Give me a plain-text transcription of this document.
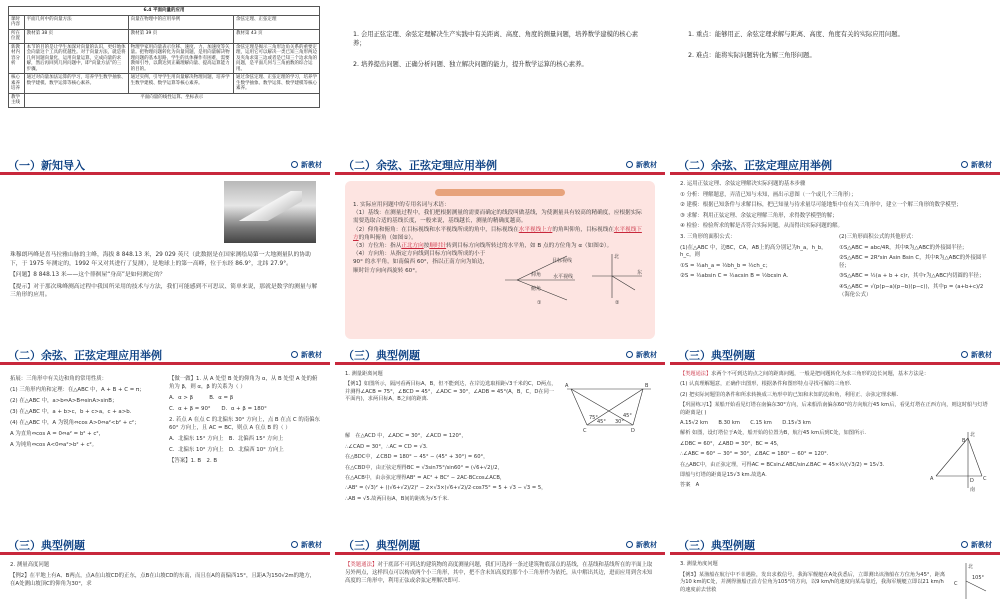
6.4 平面向量的应用			
课时内容	平面几何中的向量方法	向量在物理中的应用举例	余弦定理、正弦定理
所在位置	教材第 38 页	教材第 39 页	教材第 43 页
新教材内容分析	本节的目的是让学生加深对向量的认识，更好地体会向量这个工具的优越性。对于向量方法，就是将几何问题向量化，运用向量运算，完成向量的求解，然后再回到几何问题中，即“向量方法”的三步骤。	物理学家用向量表示位移、速度、力、加速度等矢量。把物理问题转化为向量问题，是用向量解决物理问题的基本思路，学生的具体操作有困难，需要教师引导，以期达到正确理解向量、提高运算能力的目的。	余弦定理是揭示三角形边角关系的重要定理，运用它可以解决一类已知三角形两边及夹角求第三边或者是已知三个边求角的问题，是平面几何与三角函数的综合运用。
核心素养培养	通过对向量加法运算的学习，培养学生数学抽象、数学建模、数学运算等核心素养。	通过实例，引导学生用向量解决物理问题，培养学生数学建模、数学运算等核心素养。	通过余弦定理、正弦定理的学习，培养学生数学抽象、数学运算、数学建模等核心素养。
教学主线	平面向量的线性运算、坐标表示		

1. 会用正弦定理、余弦定理解决生产实践中有关距离、高度、角度的测量问题，培养数学建模的核心素养；

2. 培养提出问题、正确分析问题、独立解决问题的能力，提升数学运算的核心素养。

1. 重点：能够用正、余弦定理求解与距离、高度、角度有关的实际应用问题。

2. 难点：能将实际问题转化为解三角形问题。

（一）新知导入	新教材

珠穆朗玛峰是喜马拉雅山脉的主峰，海拔 8 848.13 米，29 029 英尺（此数据是在国家测绘局第一大地测量队的协助下，于 1975 年测定的，1992 年又对其进行了复测），是地球上的第一高峰，位于东经 86.9°，北纬 27.9°。

【问题】8 848.13 米——这个徘徊屋“身高”是如何测定的？

【提示】对于那次珠峰测高过程中我国所采用的技术与方法，我们可能感到不可思议、简单来说，那就是数学的测量与解三角形的应用。

（二）余弦、正弦定理应用举例	新教材

1. 实际应用问题中的专用名词与术语：

（1）基线：在测量过程中，我们把根据测量的需要而确定的线段叫做基线，为使测量具有较高的精确度，应根据实际需要选取合适的基线长度，一般来说，基线越长，测量的精确度越高。

（2）仰角和俯角：在目标视线和水平视线所成的角中，目标视线在水平视线上方的角叫仰角，目标视线在水平视线下方的角叫俯角（如图①）。

（3）方位角：指从正北方向按顺时针转到目标方向线所转过的水平角，如 B 点的方位角为 α（如图②）。

（4）方向角：从指定方向线到目标方向线所成的小于 90° 的水平角，如南偏西 60°，指以正南方向为始边，顺时针方向向西旋转 60°。

目标视线
水平视线
仰角
俯角
①
北
东
②
（二）余弦、正弦定理应用举例	新教材

2. 运用正弦定理、余弦定理解决实际问题的基本步骤

① 分析：理解题意，弄清已知与未知，画出示意图（一个或几个三角形）；

② 建模：根据已知条件与求解目标，把已知量与待求量尽可能地集中在有关三角形中，建立一个解三角形的数学模型；

③ 求解：利用正弦定理、余弦定理解三角形，求得数学模型的解；

④ 检验：检验所求的解是否符合实际问题，从而得出实际问题的解。

3. 三角形的面积公式：

(1)在△ABC 中，边BC，CA，AB上的高分别记为h_a，h_b，h_c，则

①S = ½ah_a = ½bh_b = ½ch_c；

②S = ½absin C = ½acsin B = ½bcsin A.

(2)三角形面积公式的其他形式：

①S△ABC = abc/4R，其中R为△ABC的外接圆半径；

②S△ABC = 2R²sin Asin Bsin C，其中R为△ABC的外接圆半径；

③S△ABC = ½(a + b + c)r，其中r为△ABC内切圆的半径；

④S△ABC = √(p(p−a)(p−b)(p−c))，其中p = (a+b+c)/2（海伦公式）

（二）余弦、正弦定理应用举例	新教材

拓展：三角形中有关边和角的常用性质：

(1) 三角形内角和定理：在△ABC 中，A + B + C = π；

(2) 在△ABC 中，a>b⇔A>B⇔sinA>sinB；

(3) 在△ABC 中，a + b>c，b + c>a，c + a>b.

(4) 在△ABC 中，A 为锐角⇔cos A>0⇔a²<b² + c²；

A 为直角⇔cos A = 0⇔a² = b² + c²，

A 为钝角⇔cos A<0⇔a²>b² + c²。

【做一做】1. 从 A 处望 B 处的仰角为 α，从 B 处望 A 处的俯角为 β，则 α，β 的关系为（ ）

A．α > β　　　B．α = β

C．α + β = 90°　　D．α + β = 180°

2. 若点 A 在点 C 的北偏东 30° 方向上，点 B 在点 C 的南偏东 60° 方向上，且 AC = BC，则点 A 在点 B 的（ ）

A．北偏东 15° 方向上　B．北偏西 15° 方向上

C．北偏东 10° 方向上　D．北偏西 10° 方向上

【答案】1. B　2. B

（三）典型例题	新教材

1. 测量距离问题

【例1】如图所示，隔河看两目标A，B，但不能到达，在岸边选取相距√3千米的C，D两点，并测得∠ACB = 75°，∠BCD = 45°，∠ADC = 30°，∠ADB = 45°(A，B，C，D在同一平面内)，求两目标A，B之间的距离.

A	B
C	D
75°
45° 30°
45°

解　在△ACD 中，∠ADC = 30°，∠ACD = 120°，

∴∠CAD = 30°，∴AC = CD = √3.

在△BDC中，∠CBD = 180° − 45° − (45° + 30°) = 60°，

在△CBD中，由正弦定理得BC = √3sin75°/sin60° = (√6+√2)/2，

在△ACB中，由余弦定理得AB² = AC² + BC² − 2AC·BCcos∠ACB，

∴AB² = (√3)² + ((√6+√2)/2)² − 2×√3×(√6+√2)/2·cos75° = 5 + √3 − √3 = 5，

∴AB = √5.故两目标A，B间的距离为√5千米.

（三）典型例题	新教材

【类题通法】求两个不可到达的点之间的距离问题，一般是把问题转化为求三角形的边长问题，基本方法是：

(1) 认真理解题意，正确作出图形，根据条件和图形特点寻找可解的三角形.

(2) 把实际问题里的条件和所求转换成三角形中的已知和未知的边和角，利用正、余弦定理求解.

【巩固练习1】某船开始看见灯塔在南偏东30°方向，后来船沿南偏东60°的方向航行45 km后，看见灯塔在正西方向，则这时船与灯塔的距离是( )

A.15√2 km　　B.30 km　　C.15 km　　D.15√3 km

解析 如图，设灯塔位于A处，船开始的位置为B，航行45 km后到C处，如图所示.

∠DBC = 60°，∠ABD = 30°，BC = 45，

∴∠ABC = 60° − 30° = 30°，∠BAC = 180° − 60° = 120°.

在△ABC中，由正弦定理，可得AC = BCsin∠ABC/sin∠BAC = 45×½/(√3/2) = 15√3.

即船与灯塔的距离是15√3 km.故选A.

答案　A

北
南
B
A	C
D
（三）典型例题	新教材

2. 测量高度问题

【例2】在平地上有A、B两点，点A在山坡CD的正东，点B在山坡CD的东南，而且在A的南偏西15°，且距A为150√2m的地方，在A处测山坡顶C的仰角为30°，求

（三）典型例题	新教材

【类题通法】对于底部不可到达的建筑物的高度测量问题，我们可选择一条过建筑物底部点的基线，在基线和基线所在的平面上取另外两点，这样四点可以构成两个小三角形，其中，把不含未知高度的那个小三角形作为依托，从中解出其边，进而应用到含未知高度的三角形中，利用正弦或余弦定理解决即可.

（三）典型例题	新教材

3. 测量角度问题

【例3】某渔船在航行中不幸遇险，发出求救信号，我海军舰艇在A处获悉后，立即测出该渔船在方位角为45°，距离为10 km的C处，并测得渔船正沿方位角为105°的方向，以9 km/h的速度向某岛靠近，我海军舰艇立即以21 km/h的速度前去营救

北
105°
C
